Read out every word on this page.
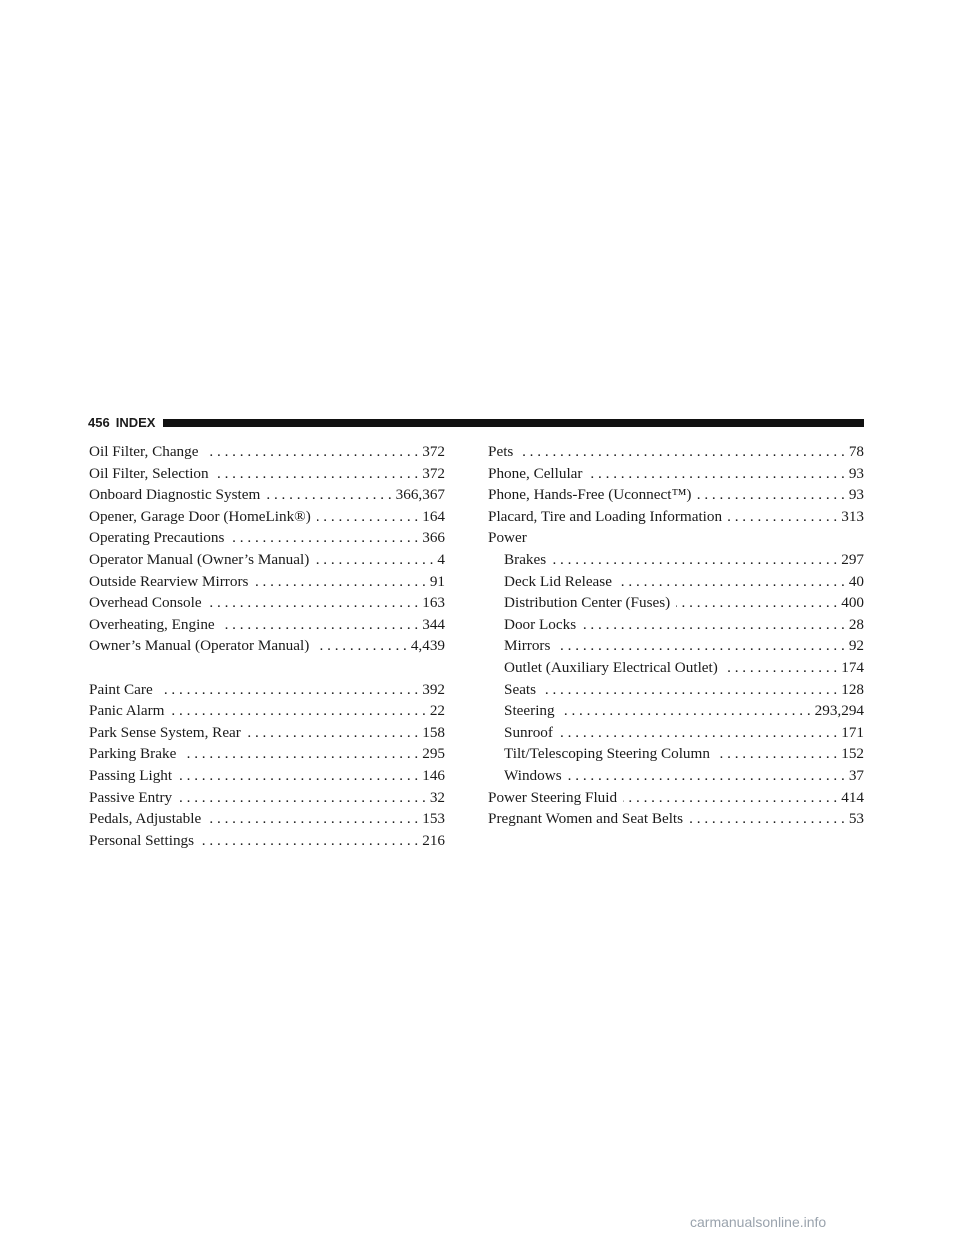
456 INDEX
Oil Filter, Change . . .	372
Oil Filter, Selection . . .	372
Onboard Diagnostic System . . .	366,367
Opener, Garage Door (HomeLink®) . . .	164
Operating Precautions . . .	366
Operator Manual (Owner’s Manual) . . .	4
Outside Rearview Mirrors . . .	91
Overhead Console . . .	163
Overheating, Engine . . .	344
Owner’s Manual (Operator Manual) . . .	4,439
Paint Care . . .	392
Panic Alarm . . .	22
Park Sense System, Rear . . .	158
Parking Brake . . .	295
Passing Light . . .	146
Passive Entry . . .	32
Pedals, Adjustable . . .	153
Personal Settings . . .	216
Pets . . .	78
Phone, Cellular . . .	93
Phone, Hands-Free (Uconnect™) . . .	93
Placard, Tire and Loading Information . . .	313
Power
Brakes . . .	297
Deck Lid Release . . .	40
Distribution Center (Fuses) . . .	400
Door Locks . . .	28
Mirrors . . .	92
Outlet (Auxiliary Electrical Outlet) . . .	174
Seats . . .	128
Steering . . .	293,294
Sunroof . . .	171
Tilt/Telescoping Steering Column . . .	152
Windows . . .	37
Power Steering Fluid . . .	414
Pregnant Women and Seat Belts . . .	53
carmanualsonline.info
